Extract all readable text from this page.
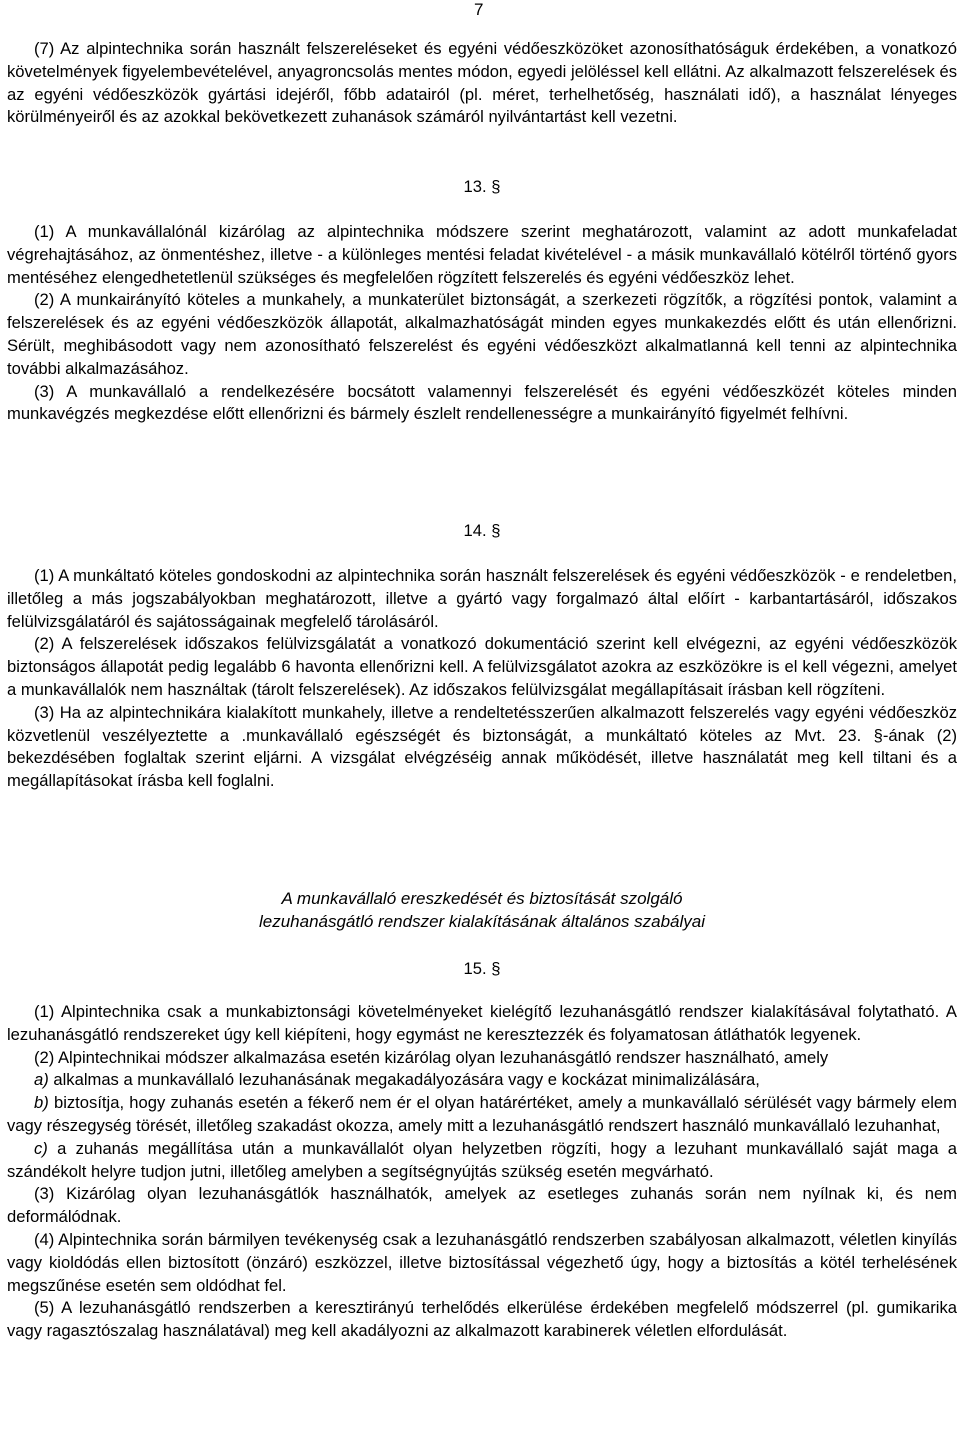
7

(7) Az alpintechnika során használt felszereléseket és egyéni védőeszközöket azonosíthatóságuk érdekében, a vonatkozó követelmények figyelembevételével, anyagroncsolás mentes módon, egyedi jelöléssel kell ellátni. Az alkalmazott felszerelések és az egyéni védőeszközök gyártási idejéről, főbb adatairól (pl. méret, terhelhetőség, használati idő), a használat lényeges körülményeiről és az azokkal bekövetkezett zuhanások számáról nyilvántartást kell vezetni.

13. §

(1) A munkavállalónál kizárólag az alpintechnika módszere szerint meghatározott, valamint az adott munkafeladat végrehajtásához, az önmentéshez, illetve - a különleges mentési feladat kivételével - a másik munkavállaló kötélről történő gyors mentéséhez elengedhetetlenül szükséges és megfelelően rögzített felszerelés és egyéni védőeszköz lehet.

(2) A munkairányító köteles a munkahely, a munkaterület biztonságát, a szerkezeti rögzítők, a rögzítési pontok, valamint a felszerelések és az egyéni védőeszközök állapotát, alkalmazhatóságát minden egyes munkakezdés előtt és után ellenőrizni. Sérült, meghibásodott vagy nem azonosítható felszerelést és egyéni védőeszközt alkalmatlanná kell tenni az alpintechnika további alkalmazásához.

(3) A munkavállaló a rendelkezésére bocsátott valamennyi felszerelését és egyéni védőeszközét köteles minden munkavégzés megkezdése előtt ellenőrizni és bármely észlelt rendellenességre a munkairányító figyelmét felhívni.

14. §

(1) A munkáltató köteles gondoskodni az alpintechnika során használt felszerelések és egyéni védőeszközök - e rendeletben, illetőleg a más jogszabályokban meghatározott, illetve a gyártó vagy forgalmazó által előírt - karbantartásáról, időszakos felülvizsgálatáról és sajátosságainak megfelelő tárolásáról.

(2) A felszerelések időszakos felülvizsgálatát a vonatkozó dokumentáció szerint kell elvégezni, az egyéni védőeszközök biztonságos állapotát pedig legalább 6 havonta ellenőrizni kell. A felülvizsgálatot azokra az eszközökre is el kell végezni, amelyet a munkavállalók nem használtak (tárolt felszerelések). Az időszakos felülvizsgálat megállapításait írásban kell rögzíteni.

(3) Ha az alpintechnikára kialakított munkahely, illetve a rendeltetésszerűen alkalmazott felszerelés vagy egyéni védőeszköz közvetlenül veszélyeztette a .munkavállaló egészségét és biztonságát, a munkáltató köteles az Mvt. 23. §-ának (2) bekezdésében foglaltak szerint eljárni. A vizsgálat elvégzéséig annak működését, illetve használatát meg kell tiltani és a megállapításokat írásba kell foglalni.

A munkavállaló ereszkedését és biztosítását szolgáló

lezuhanásgátló rendszer kialakításának általános szabályai

15. §

(1) Alpintechnika csak a munkabiztonsági követelményeket kielégítő lezuhanásgátló rendszer kialakításával folytatható. A lezuhanásgátló rendszereket úgy kell kiépíteni, hogy egymást ne keresztezzék és folyamatosan átláthatók legyenek.

(2) Alpintechnikai módszer alkalmazása esetén kizárólag olyan lezuhanásgátló rendszer használható, amely

a) alkalmas a munkavállaló lezuhanásának megakadályozására vagy e kockázat minimalizálására,

b) biztosítja, hogy zuhanás esetén a fékerő nem ér el olyan határértéket, amely a munkavállaló sérülését vagy bármely elem vagy részegység törését, illetőleg szakadást okozza, amely mitt a lezuhanásgátló rendszert használó munkavállaló lezuhanhat,

c) a zuhanás megállítása után a munkavállalót olyan helyzetben rögzíti, hogy a lezuhant munkavállaló saját maga a szándékolt helyre tudjon jutni, illetőleg amelyben a segítségnyújtás szükség esetén megvárható.

(3) Kizárólag olyan lezuhanásgátlók használhatók, amelyek az esetleges zuhanás során nem nyílnak ki, és nem deformálódnak.

(4) Alpintechnika során bármilyen tevékenység csak a lezuhanásgátló rendszerben szabályosan alkalmazott, véletlen kinyílás vagy kioldódás ellen biztosított (önzáró) eszközzel, illetve biztosítással végezhető úgy, hogy a biztosítás a kötél terhelésének megszűnése esetén sem oldódhat fel.

(5) A lezuhanásgátló rendszerben a keresztirányú terhelődés elkerülése érdekében megfelelő módszerrel (pl. gumikarika vagy ragasztószalag használatával) meg kell akadályozni az alkalmazott karabinerek véletlen elfordulását.
